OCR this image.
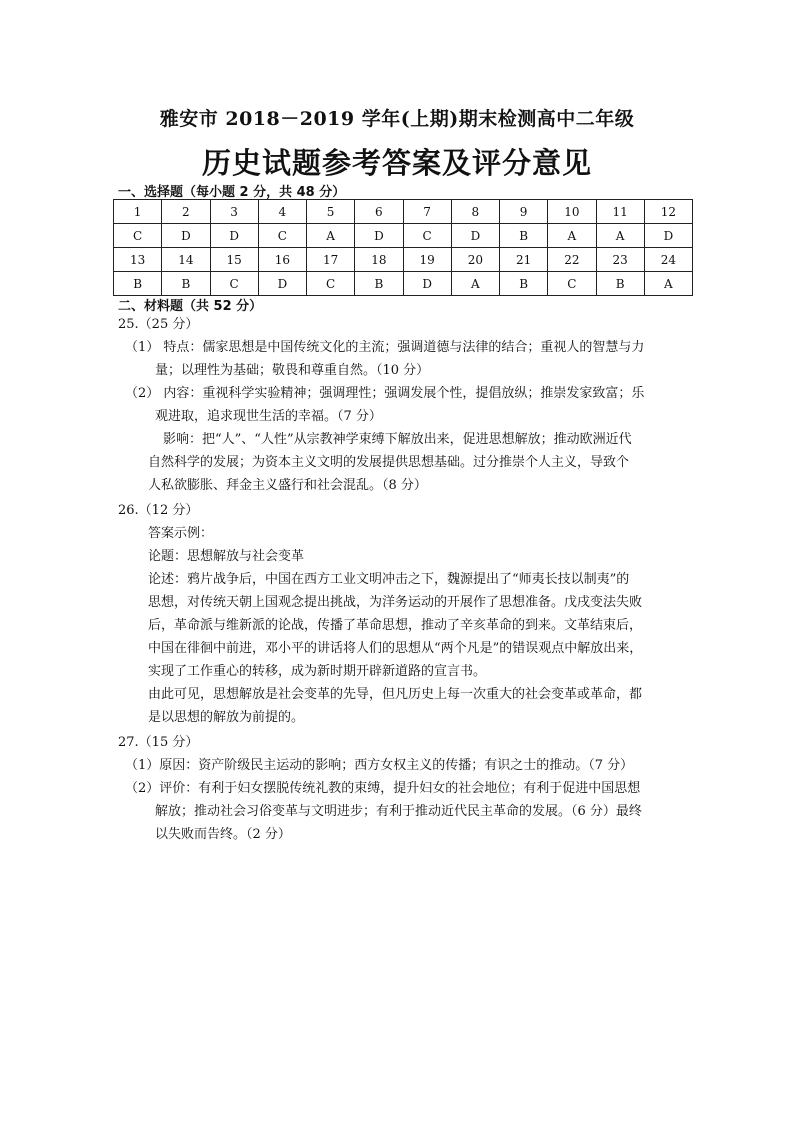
雅安市 2018－2019 学年(上期)期末检测高中二年级
历史试题参考答案及评分意见
一、选择题（每小题 2 分，共 48 分）
1	2	3	4	5	6	7	8	9	10	11	12
C	D	D	C	A	D	C	D	B	A	A	D
13	14	15	16	17	18	19	20	21	22	23	24
B	B	C	D	C	B	D	A	B	C	B	A
二、材料题（共 52 分）
25.（25 分）
（1） 特点：儒家思想是中国传统文化的主流；强调道德与法律的结合；重视人的智慧与力
量；以理性为基础；敬畏和尊重自然。（10 分）
（2） 内容：重视科学实验精神；强调理性；强调发展个性，提倡放纵；推崇发家致富；乐
观进取，追求现世生活的幸福。（7 分）
影响：把“人”、“人性”从宗教神学束缚下解放出来，促进思想解放；推动欧洲近代
自然科学的发展；为资本主义文明的发展提供思想基础。过分推崇个人主义，导致个
人私欲膨胀、拜金主义盛行和社会混乱。（8 分）
26.（12 分）
答案示例：
论题：思想解放与社会变革
论述：鸦片战争后，中国在西方工业文明冲击之下，魏源提出了“师夷长技以制夷”的
思想，对传统天朝上国观念提出挑战，为洋务运动的开展作了思想准备。戊戌变法失败
后，革命派与维新派的论战，传播了革命思想，推动了辛亥革命的到来。文革结束后，
中国在徘徊中前进，邓小平的讲话将人们的思想从“两个凡是”的错误观点中解放出来，
实现了工作重心的转移，成为新时期开辟新道路的宣言书。
由此可见，思想解放是社会变革的先导，但凡历史上每一次重大的社会变革或革命，都
是以思想的解放为前提的。
27.（15 分）
（1）原因：资产阶级民主运动的影响；西方女权主义的传播；有识之士的推动。（7 分）
（2）评价：有利于妇女摆脱传统礼教的束缚，提升妇女的社会地位；有利于促进中国思想
解放；推动社会习俗变革与文明进步；有利于推动近代民主革命的发展。（6 分）最终
以失败而告终。（2 分）
